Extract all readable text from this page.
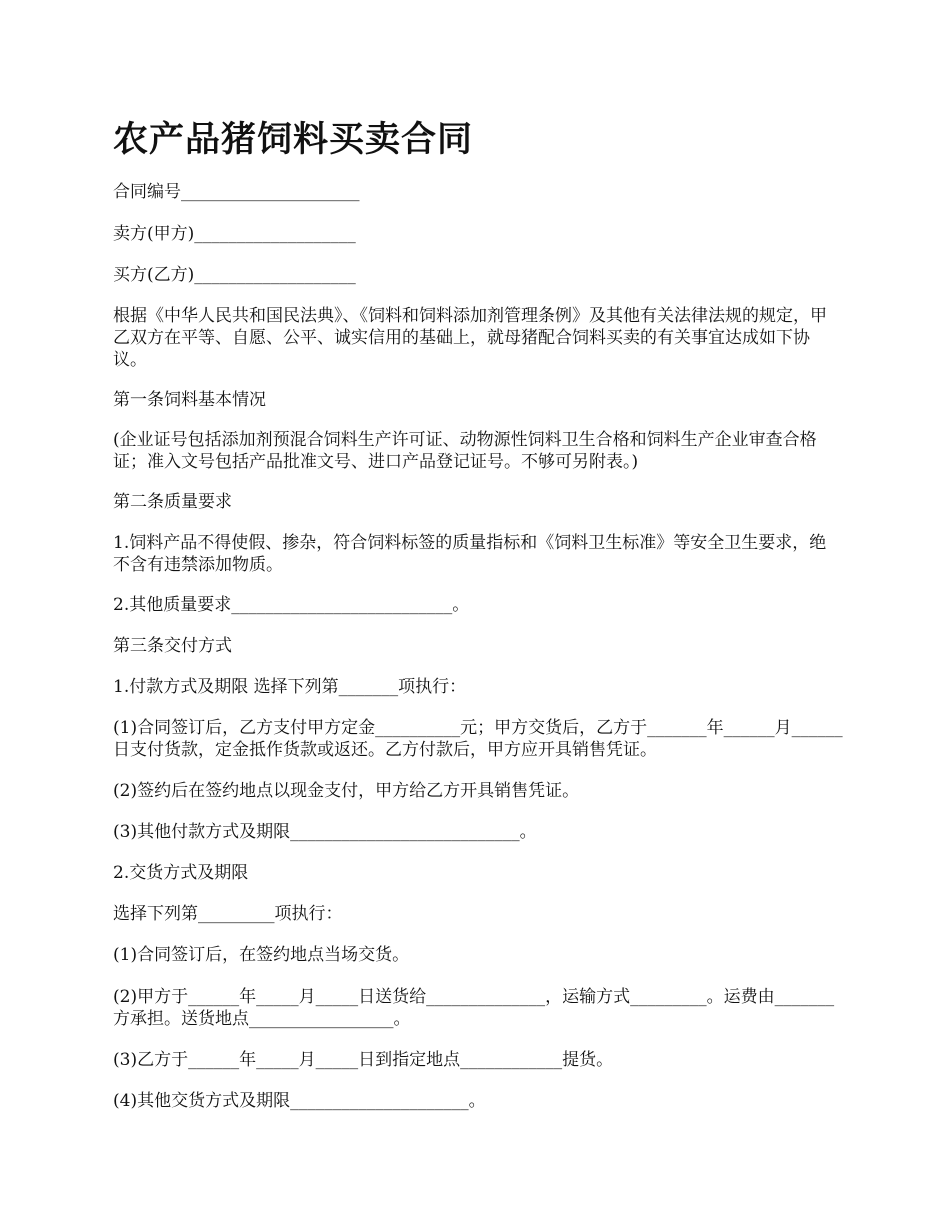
农产品猪饲料买卖合同

合同编号_____________________

卖方(甲方)___________________

买方(乙方)___________________

根据《中华人民共和国民法典》、《饲料和饲料添加剂管理条例》及其他有关法律法规的规定，甲乙双方在平等、自愿、公平、诚实信用的基础上，就母猪配合饲料买卖的有关事宜达成如下协议。

第一条饲料基本情况

(企业证号包括添加剂预混合饲料生产许可证、动物源性饲料卫生合格和饲料生产企业审查合格证；准入文号包括产品批准文号、进口产品登记证号。不够可另附表。)

第二条质量要求

1.饲料产品不得使假、掺杂，符合饲料标签的质量指标和《饲料卫生标准》等安全卫生要求，绝不含有违禁添加物质。

2.其他质量要求__________________________。

第三条交付方式

1.付款方式及期限 选择下列第_______项执行：

(1)合同签订后，乙方支付甲方定金__________元；甲方交货后，乙方于_______年______月______日支付货款，定金抵作货款或返还。乙方付款后，甲方应开具销售凭证。

(2)签约后在签约地点以现金支付，甲方给乙方开具销售凭证。

(3)其他付款方式及期限___________________________。

2.交货方式及期限

选择下列第_________项执行：

(1)合同签订后，在签约地点当场交货。

(2)甲方于______年_____月_____日送货给______________，运输方式_________。运费由_______方承担。送货地点_________________。

(3)乙方于______年_____月_____日到指定地点____________提货。

(4)其他交货方式及期限_____________________。
